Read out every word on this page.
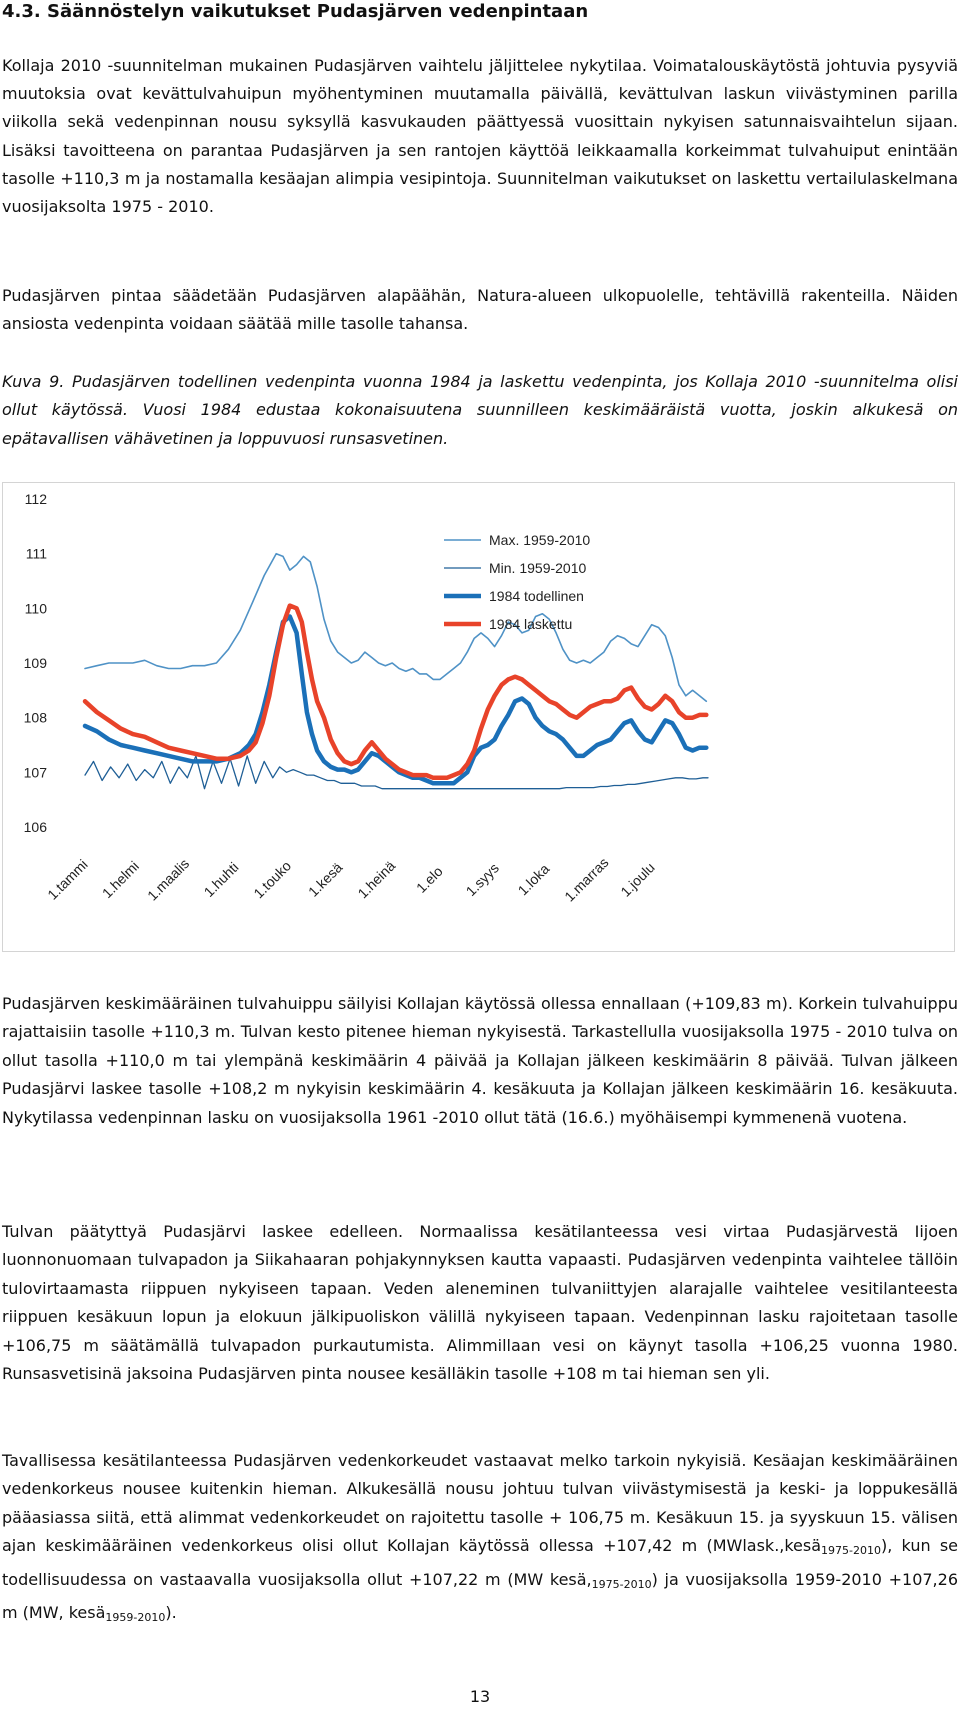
4.3. Säännöstelyn vaikutukset Pudasjärven vedenpintaan

Kollaja 2010 -suunnitelman mukainen Pudasjärven vaihtelu jäljittelee nykytilaa. Voimatalouskäytöstä johtuvia pysyviä muutoksia ovat kevättulvahuipun myöhentyminen muutamalla päivällä, kevättulvan laskun viivästyminen parilla viikolla sekä vedenpinnan nousu syksyllä kasvukauden päättyessä vuosittain nykyisen satunnaisvaihtelun sijaan. Lisäksi tavoitteena on parantaa Pudasjärven ja sen rantojen käyttöä leikkaamalla korkeimmat tulvahuiput enintään tasolle +110,3 m ja nostamalla kesäajan alimpia vesipintoja. Suunnitelman vaikutukset on laskettu vertailulaskelmana vuosijaksolta 1975 - 2010.

Pudasjärven pintaa säädetään Pudasjärven alapäähän, Natura-alueen ulkopuolelle, tehtävillä rakenteilla. Näiden ansiosta vedenpinta voidaan säätää mille tasolle tahansa.

Kuva 9. Pudasjärven todellinen vedenpinta vuonna 1984 ja laskettu vedenpinta, jos Kollaja 2010 -suunnitelma olisi ollut käytössä. Vuosi 1984 edustaa kokonaisuutena suunnilleen keskimääräistä vuotta, joskin alkukesä on epätavallisen vähävetinen ja loppuvuosi runsasvetinen.

112
111
110
109
108
107
106
1.tammi 1.helmi 1.maalis 1.huhti 1.touko 1.kesä 1.heinä 1.elo 1.syys 1.loka 1.marras 1.joulu
Max. 1959-2010
Min. 1959-2010
1984 todellinen
1984 laskettu

Pudasjärven keskimääräinen tulvahuippu säilyisi Kollajan käytössä ollessa ennallaan (+109,83 m). Korkein tulvahuippu rajattaisiin tasolle +110,3 m. Tulvan kesto pitenee hieman nykyisestä. Tarkastellulla vuosijaksolla 1975 - 2010 tulva on ollut tasolla +110,0 m tai ylempänä keskimäärin 4 päivää ja Kollajan jälkeen keskimäärin 8 päivää. Tulvan jälkeen Pudasjärvi laskee tasolle +108,2 m nykyisin keskimäärin 4. kesäkuuta ja Kollajan jälkeen keskimäärin 16. kesäkuuta. Nykytilassa vedenpinnan lasku on vuosijaksolla 1961 -2010 ollut tätä (16.6.) myöhäisempi kymmenenä vuotena.

Tulvan päätyttyä Pudasjärvi laskee edelleen. Normaalissa kesätilanteessa vesi virtaa Pudasjärvestä Iijoen luonnonuomaan tulvapadon ja Siikahaaran pohjakynnyksen kautta vapaasti. Pudasjärven vedenpinta vaihtelee tällöin tulovirtaamasta riippuen nykyiseen tapaan. Veden aleneminen tulvaniittyjen alarajalle vaihtelee vesitilanteesta riippuen kesäkuun lopun ja elokuun jälkipuoliskon välillä nykyiseen tapaan. Vedenpinnan lasku rajoitetaan tasolle +106,75 m säätämällä tulvapadon purkautumista. Alimmillaan vesi on käynyt tasolla +106,25 vuonna 1980. Runsasvetisinä jaksoina Pudasjärven pinta nousee kesälläkin tasolle +108 m tai hieman sen yli.

Tavallisessa kesätilanteessa Pudasjärven vedenkorkeudet vastaavat melko tarkoin nykyisiä. Kesäajan keskimääräinen vedenkorkeus nousee kuitenkin hieman. Alkukesällä nousu johtuu tulvan viivästymisestä ja keski- ja loppukesällä pääasiassa siitä, että alimmat vedenkorkeudet on rajoitettu tasolle + 106,75 m. Kesäkuun 15. ja syyskuun 15. välisen ajan keskimääräinen vedenkorkeus olisi ollut Kollajan käytössä ollessa +107,42 m (MWlask.,kesä$_{1975-2010}$), kun se todellisuudessa on vastaavalla vuosijaksolla ollut +107,22 m (MW $kesä,_{1975-2010}$) ja vuosijaksolla 1959-2010 +107,26 m (MW, kesä$_{1959-2010}$).

13
